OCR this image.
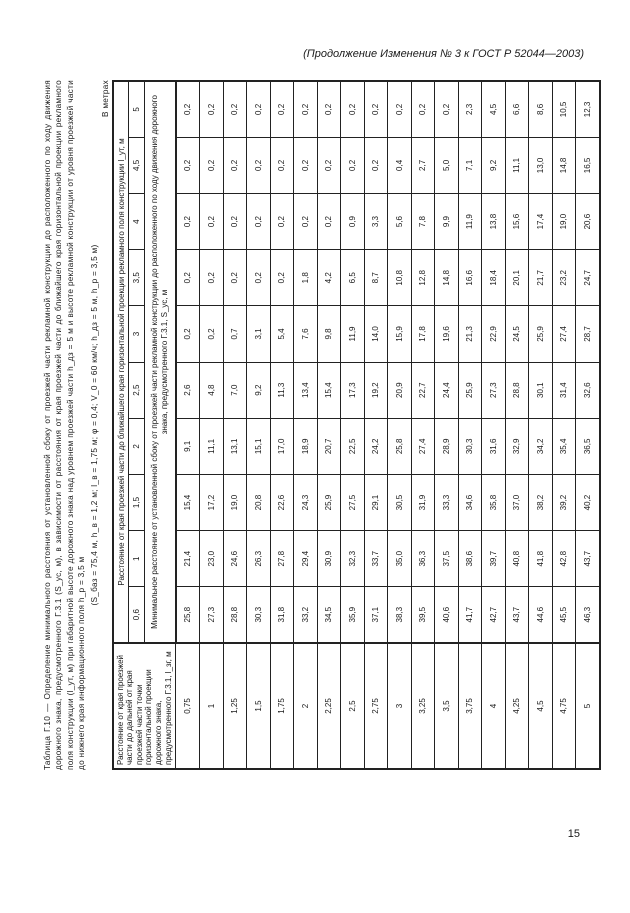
(Продолжение Изменения № 3 к ГОСТ Р 52044—2003)
Таблица Г.10 — Определение минимального расстояния от установленной сбоку от проезжей части рекламной конструкции до расположенного по ходу движения дорожного знака, предусмотренного Г.3.1 (S_ус, м), в зависимости от расстояния от края проезжей части до ближайшего края горизонтальной проекции рекламного поля конструкции (l_ут, м) при габаритной высоте дорожного знака над уровнем проезжей части h_дз = 5 м и высоте рекламной конструкции от уровня проезжей части до нижнего края информационного поля h_р = 3,5 м
(S_баз = 75,4 м, h_в = 1,2 м; l_в = 1,75 м; φ = 0,4; V_0 = 60 км/ч; h_дз = 5 м, h_р = 3,5 м)
В метрах
Расстояние от края проезжей части до дальней от края проезжей части точки горизонтальной проекции дорожного знака, предусмотренного Г.3.1, l_зг, м	Расстояние от края проезжей части до ближайшего края горизонтальной проекции рекламного поля конструкции l_ут, м									
	0,6	1	1,5	2	2,5	3	3,5	4	4,5	5
	Минимальное расстояние от установленной сбоку от проезжей части рекламной конструкции до расположенного по ходу движения дорожного знака, предусмотренного Г.3.1, S_ус, м									
0,75	25,8	21,4	15,4	9,1	2,6	0,2	0,2	0,2	0,2	0,2
1	27,3	23,0	17,2	11,1	4,8	0,2	0,2	0,2	0,2	0,2
1,25	28,8	24,6	19,0	13,1	7,0	0,7	0,2	0,2	0,2	0,2
1,5	30,3	26,3	20,8	15,1	9,2	3,1	0,2	0,2	0,2	0,2
1,75	31,8	27,8	22,6	17,0	11,3	5,4	0,2	0,2	0,2	0,2
2	33,2	29,4	24,3	18,9	13,4	7,6	1,8	0,2	0,2	0,2
2,25	34,5	30,9	25,9	20,7	15,4	9,8	4,2	0,2	0,2	0,2
2,5	35,9	32,3	27,5	22,5	17,3	11,9	6,5	0,9	0,2	0,2
2,75	37,1	33,7	29,1	24,2	19,2	14,0	8,7	3,3	0,2	0,2
3	38,3	35,0	30,5	25,8	20,9	15,9	10,8	5,6	0,4	0,2
3,25	39,5	36,3	31,9	27,4	22,7	17,8	12,8	7,8	2,7	0,2
3,5	40,6	37,5	33,3	28,9	24,4	19,6	14,8	9,9	5,0	0,2
3,75	41,7	38,6	34,6	30,3	25,9	21,3	16,6	11,9	7,1	2,3
4	42,7	39,7	35,8	31,6	27,3	22,9	18,4	13,8	9,2	4,5
4,25	43,7	40,8	37,0	32,9	28,8	24,5	20,1	15,6	11,1	6,6
4,5	44,6	41,8	38,2	34,2	30,1	25,9	21,7	17,4	13,0	8,6
4,75	45,5	42,8	39,2	35,4	31,4	27,4	23,2	19,0	14,8	10,5
5	46,3	43,7	40,2	36,5	32,6	28,7	24,7	20,6	16,5	12,3
15
